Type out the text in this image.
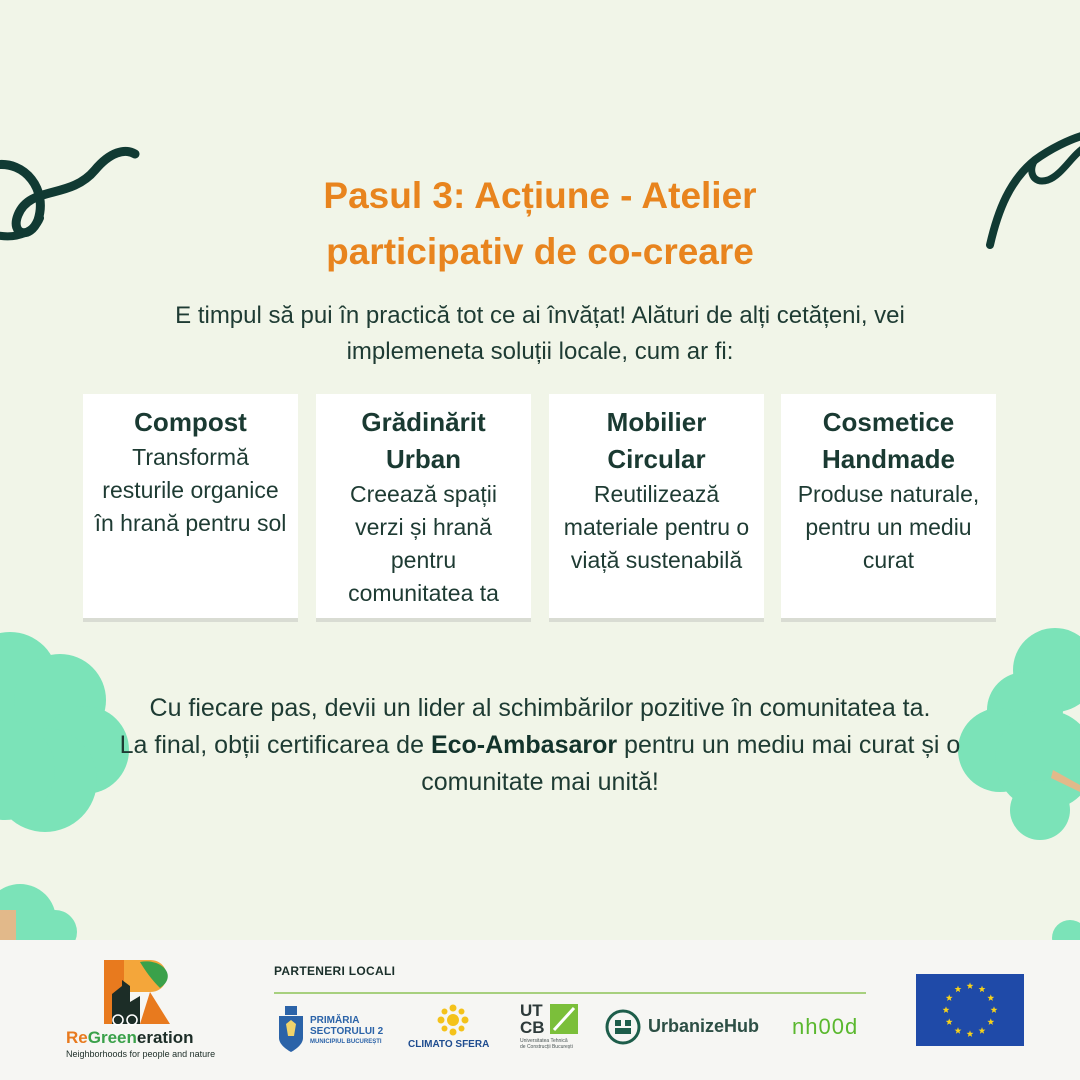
Pasul 3: Acțiune - Atelier
participativ de co-creare

E timpul să pui în practică tot ce ai învățat! Alături de alți cetățeni, vei implemeneta soluții locale, cum ar fi:

Compost

Transformă resturile organice în hrană pentru sol

Grădinărit Urban

Creează spații verzi și hrană pentru comunitatea ta

Mobilier Circular

Reutilizează materiale pentru o viață sustenabilă

Cosmetice Handmade

Produse naturale, pentru un mediu curat

Cu fiecare pas, devii un lider al schimbărilor pozitive în comunitatea ta.
La final, obții certificarea de Eco-Ambasaror pentru un mediu mai curat și o comunitate mai unită!

ReGreeneration
Neighborhoods for people and nature
PARTENERI LOCALI
PRIMĂRIA
SECTORULUI 2
MUNICIPIUL BUCUREȘTI	CLIMATO SFERA
UT
CB
Universitatea Tehnică
de Construcții București
UrbanizeHub nh00d
